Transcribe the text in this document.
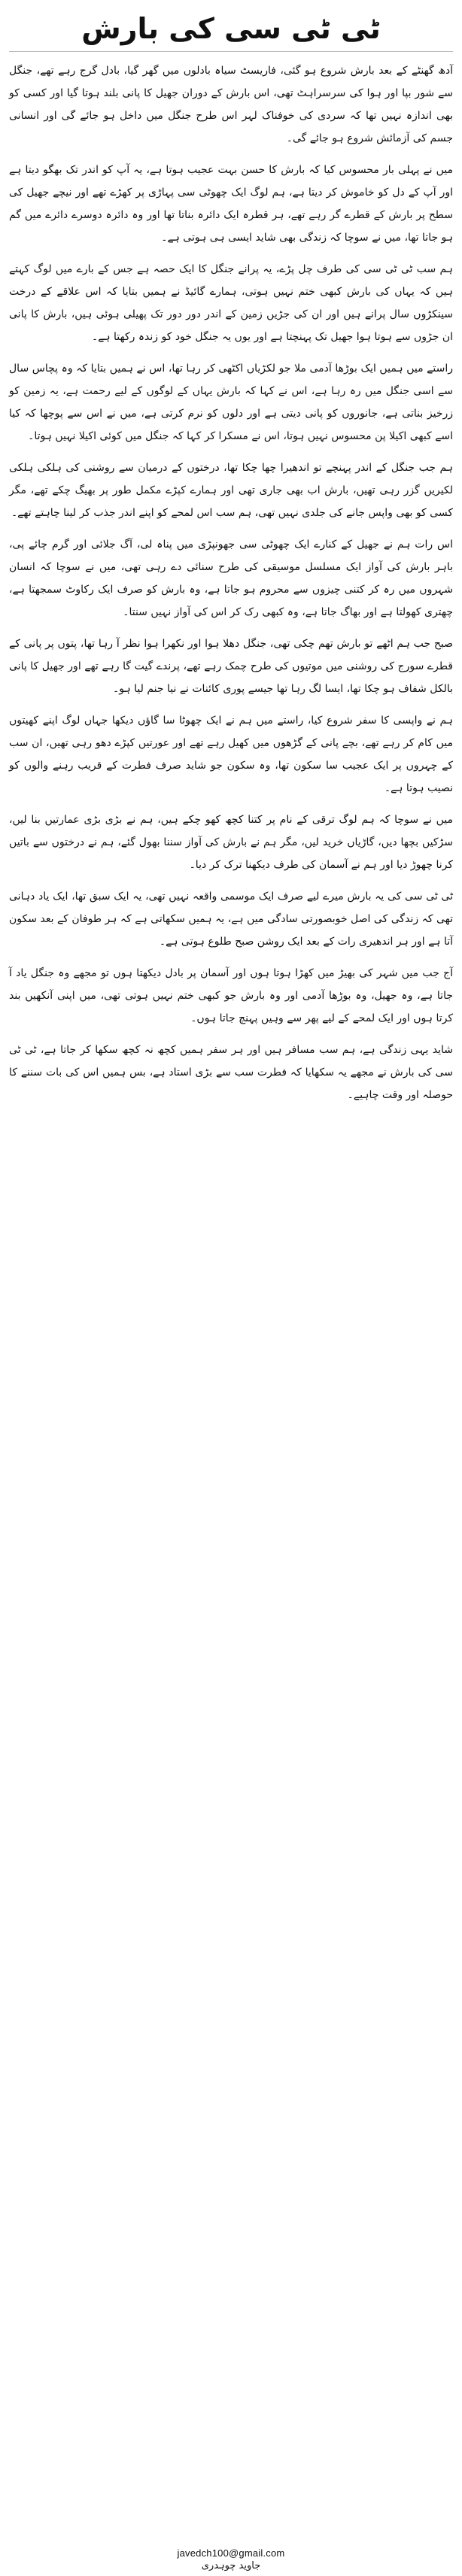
ٹی ٹی سی کی بارش

آدھ گھنٹے کے بعد بارش شروع ہو گئی، فاریسٹ سیاہ بادلوں میں گھر گیا، بادل گرج رہے تھے، جنگل سے شور بپا اور ہوا کی سرسراہٹ تھی، اس بارش کے دوران جھیل کا پانی بلند ہوتا گیا اور کسی کو بھی اندازہ نہیں تھا کہ سردی کی خوفناک لہر اس طرح جنگل میں داخل ہو جائے گی اور انسانی جسم کی آزمائش شروع ہو جائے گی۔

میں نے پہلی بار محسوس کیا کہ بارش کا حسن بہت عجیب ہوتا ہے، یہ آپ کو اندر تک بھگو دیتا ہے اور آپ کے دل کو خاموش کر دیتا ہے، ہم لوگ ایک چھوٹی سی پہاڑی پر کھڑے تھے اور نیچے جھیل کی سطح پر بارش کے قطرے گر رہے تھے، ہر قطرہ ایک دائرہ بناتا تھا اور وہ دائرہ دوسرے دائرے میں گم ہو جاتا تھا، میں نے سوچا کہ زندگی بھی شاید ایسی ہی ہوتی ہے۔

ہم سب ٹی ٹی سی کی طرف چل پڑے، یہ پرانے جنگل کا ایک حصہ ہے جس کے بارے میں لوگ کہتے ہیں کہ یہاں کی بارش کبھی ختم نہیں ہوتی، ہمارے گائیڈ نے ہمیں بتایا کہ اس علاقے کے درخت سینکڑوں سال پرانے ہیں اور ان کی جڑیں زمین کے اندر دور دور تک پھیلی ہوئی ہیں، بارش کا پانی ان جڑوں سے ہوتا ہوا جھیل تک پہنچتا ہے اور یوں یہ جنگل خود کو زندہ رکھتا ہے۔

راستے میں ہمیں ایک بوڑھا آدمی ملا جو لکڑیاں اکٹھی کر رہا تھا، اس نے ہمیں بتایا کہ وہ پچاس سال سے اسی جنگل میں رہ رہا ہے، اس نے کہا کہ بارش یہاں کے لوگوں کے لیے رحمت ہے، یہ زمین کو زرخیز بناتی ہے، جانوروں کو پانی دیتی ہے اور دلوں کو نرم کرتی ہے، میں نے اس سے پوچھا کہ کیا اسے کبھی اکیلا پن محسوس نہیں ہوتا، اس نے مسکرا کر کہا کہ جنگل میں کوئی اکیلا نہیں ہوتا۔

ہم جب جنگل کے اندر پہنچے تو اندھیرا چھا چکا تھا، درختوں کے درمیان سے روشنی کی ہلکی ہلکی لکیریں گزر رہی تھیں، بارش اب بھی جاری تھی اور ہمارے کپڑے مکمل طور پر بھیگ چکے تھے، مگر کسی کو بھی واپس جانے کی جلدی نہیں تھی، ہم سب اس لمحے کو اپنے اندر جذب کر لینا چاہتے تھے۔

اس رات ہم نے جھیل کے کنارے ایک چھوٹی سی جھونپڑی میں پناہ لی، آگ جلائی اور گرم چائے پی، باہر بارش کی آواز ایک مسلسل موسیقی کی طرح سنائی دے رہی تھی، میں نے سوچا کہ انسان شہروں میں رہ کر کتنی چیزوں سے محروم ہو جاتا ہے، وہ بارش کو صرف ایک رکاوٹ سمجھتا ہے، چھتری کھولتا ہے اور بھاگ جاتا ہے، وہ کبھی رک کر اس کی آواز نہیں سنتا۔

صبح جب ہم اٹھے تو بارش تھم چکی تھی، جنگل دھلا ہوا اور نکھرا ہوا نظر آ رہا تھا، پتوں پر پانی کے قطرے سورج کی روشنی میں موتیوں کی طرح چمک رہے تھے، پرندے گیت گا رہے تھے اور جھیل کا پانی بالکل شفاف ہو چکا تھا، ایسا لگ رہا تھا جیسے پوری کائنات نے نیا جنم لیا ہو۔

ہم نے واپسی کا سفر شروع کیا، راستے میں ہم نے ایک چھوٹا سا گاؤں دیکھا جہاں لوگ اپنے کھیتوں میں کام کر رہے تھے، بچے پانی کے گڑھوں میں کھیل رہے تھے اور عورتیں کپڑے دھو رہی تھیں، ان سب کے چہروں پر ایک عجیب سا سکون تھا، وہ سکون جو شاید صرف فطرت کے قریب رہنے والوں کو نصیب ہوتا ہے۔

میں نے سوچا کہ ہم لوگ ترقی کے نام پر کتنا کچھ کھو چکے ہیں، ہم نے بڑی بڑی عمارتیں بنا لیں، سڑکیں بچھا دیں، گاڑیاں خرید لیں، مگر ہم نے بارش کی آواز سننا بھول گئے، ہم نے درختوں سے باتیں کرنا چھوڑ دیا اور ہم نے آسمان کی طرف دیکھنا ترک کر دیا۔

ٹی ٹی سی کی یہ بارش میرے لیے صرف ایک موسمی واقعہ نہیں تھی، یہ ایک سبق تھا، ایک یاد دہانی تھی کہ زندگی کی اصل خوبصورتی سادگی میں ہے، یہ ہمیں سکھاتی ہے کہ ہر طوفان کے بعد سکون آتا ہے اور ہر اندھیری رات کے بعد ایک روشن صبح طلوع ہوتی ہے۔

آج جب میں شہر کی بھیڑ میں کھڑا ہوتا ہوں اور آسمان پر بادل دیکھتا ہوں تو مجھے وہ جنگل یاد آ جاتا ہے، وہ جھیل، وہ بوڑھا آدمی اور وہ بارش جو کبھی ختم نہیں ہوتی تھی، میں اپنی آنکھیں بند کرتا ہوں اور ایک لمحے کے لیے پھر سے وہیں پہنچ جاتا ہوں۔

شاید یہی زندگی ہے، ہم سب مسافر ہیں اور ہر سفر ہمیں کچھ نہ کچھ سکھا کر جاتا ہے، ٹی ٹی سی کی بارش نے مجھے یہ سکھایا کہ فطرت سب سے بڑی استاد ہے، بس ہمیں اس کی بات سننے کا حوصلہ اور وقت چاہیے۔

javedch100@gmail.com
جاوید چوہدری
